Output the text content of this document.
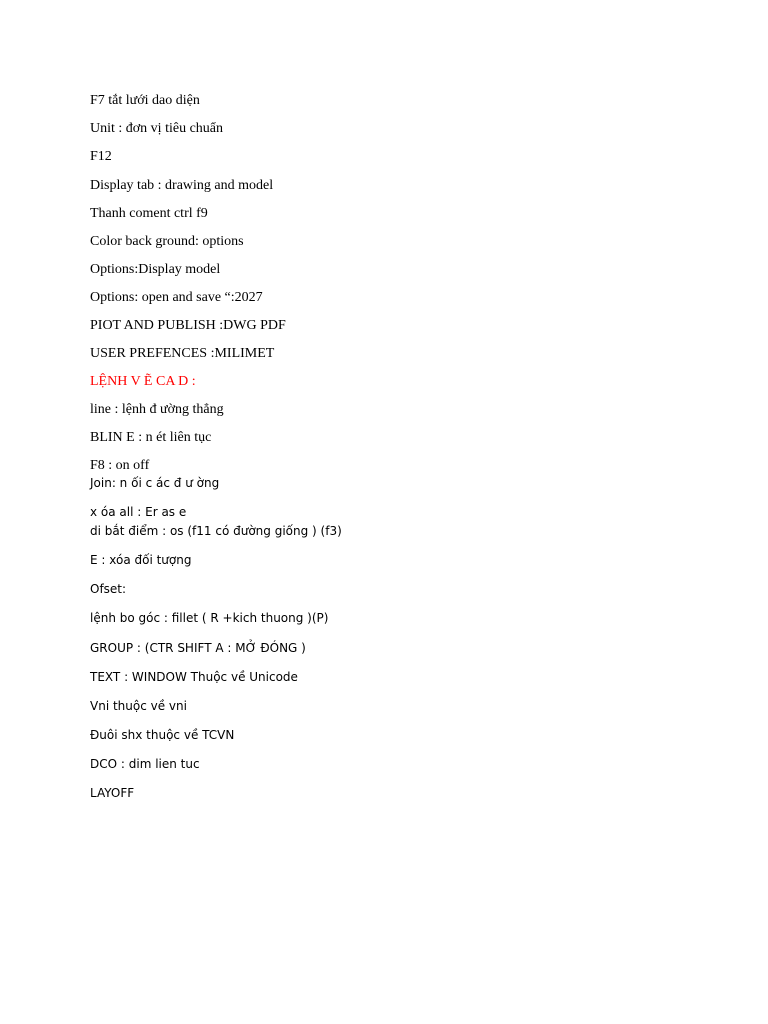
F7 tắt lưới dao diện
Unit : đơn vị tiêu chuẩn
F12
Display tab : drawing and model
Thanh coment ctrl f9
Color back ground: options
Options:Display model
Options: open and save “:2027
PIOT AND PUBLISH :DWG PDF
USER PREFENCES :MILIMET
LỆNH V Ẽ CA D :
line : lệnh đ ường thẳng
BLIN E : n ét liên tục
F8 : on off
Join: n ối c ác đ ư ờng
x óa all : Er as e
di bắt điểm : os (f11 có đường giống ) (f3)
E : xóa đối tượng
Ofset:
lệnh bo góc : fillet ( R +kich thuong )(P)
GROUP : (CTR SHIFT A : MỞ ĐÓNG )
TEXT : WINDOW Thuộc về Unicode
Vni thuộc về vni
Đuôi shx thuộc về TCVN
DCO : dim lien tuc
LAYOFF
